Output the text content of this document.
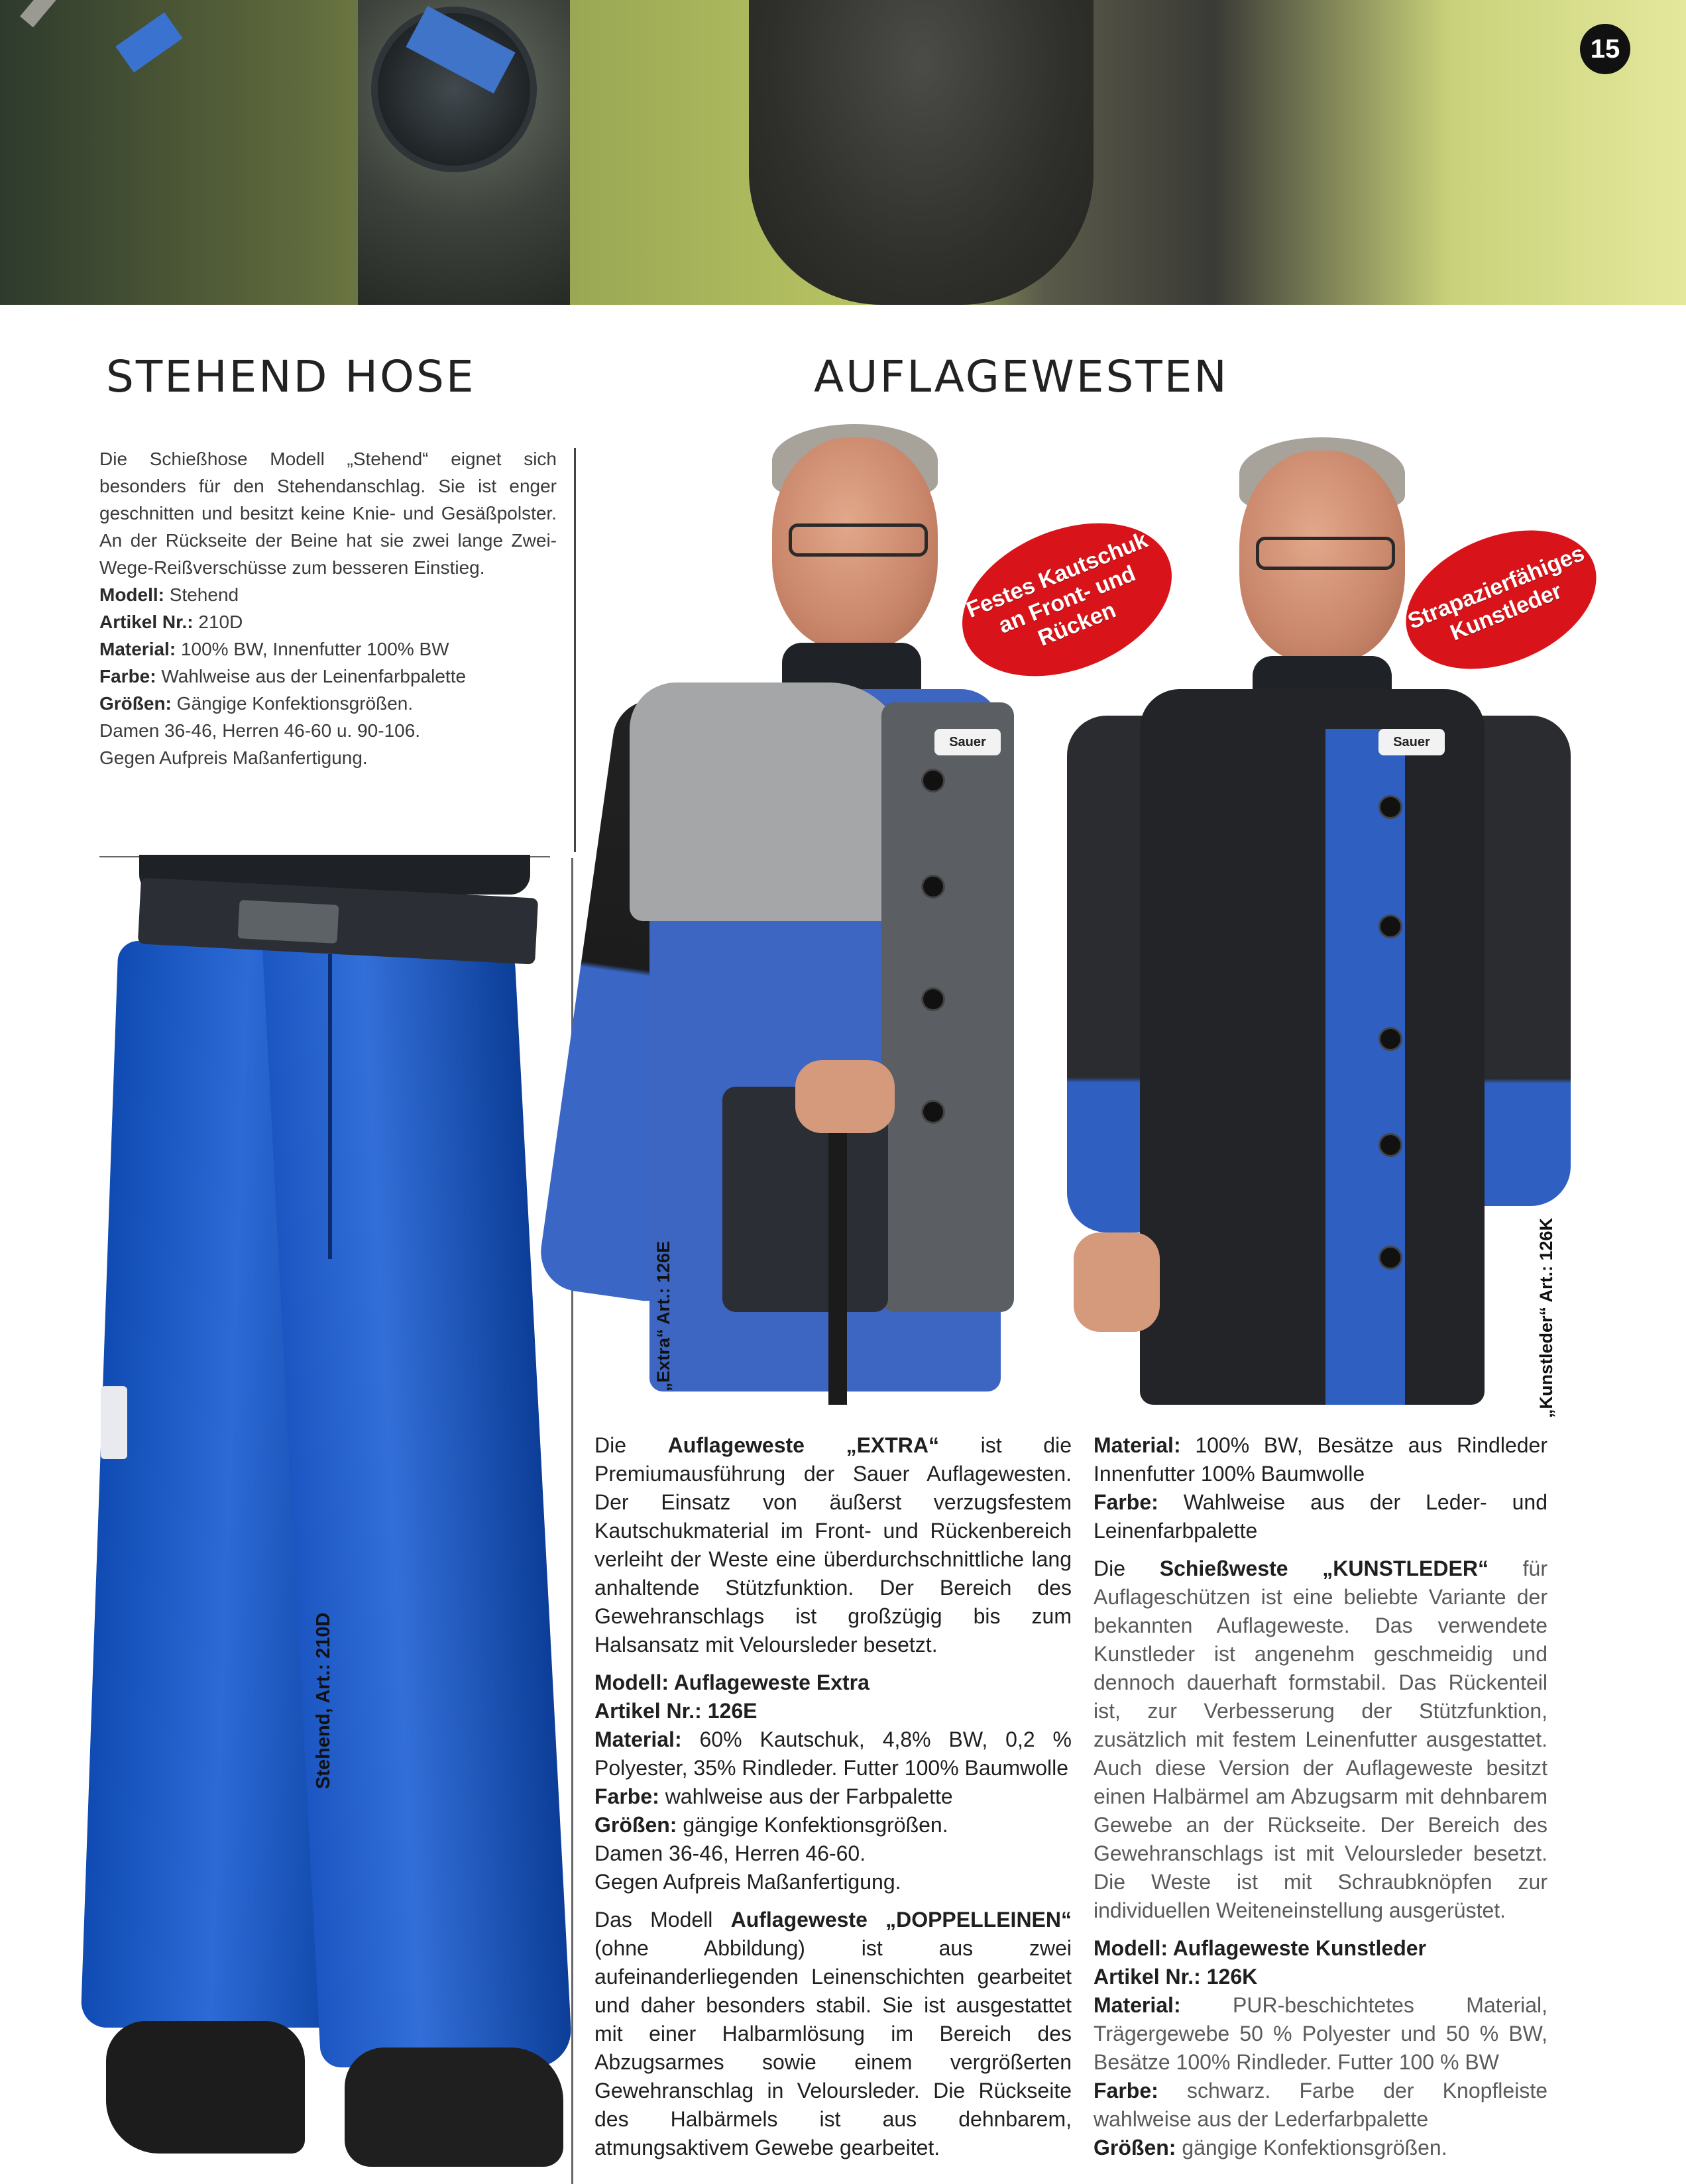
15
STEHEND HOSE	AUFLAGEWESTEN

Die Schießhose Modell „Stehend“ eignet sich besonders für den Stehendanschlag. Sie ist enger geschnitten und besitzt keine Knie- und Gesäßpolster. An der Rückseite der Beine hat sie zwei lange Zwei-Wege-Reißverschüsse zum besseren Einstieg.

Modell: Stehend

Artikel Nr.: 210D

Material: 100% BW, Innenfutter 100% BW

Farbe: Wahlweise aus der Leinenfarbpalette

Größen: Gängige Konfektionsgrößen.

Damen 36-46, Herren 46-60 u. 90-106.

Gegen Aufpreis Maßanfertigung.

Stehend, Art.: 210D
Sauer
Festes Kautschuk an Front- und Rücken
„Extra“ Art.: 126E
Sauer
Strapazierfähiges Kunstleder
„Kunstleder“ Art.: 126K

Die Auflageweste „EXTRA“ ist die Premiumausführung der Sauer Auflagewesten. Der Einsatz von äußerst verzugsfestem Kautschukmaterial im Front- und Rückenbereich verleiht der Weste eine überdurchschnittliche lang anhaltende Stützfunktion. Der Bereich des Gewehranschlags ist großzügig bis zum Halsansatz mit Veloursleder besetzt.

Modell: Auflageweste Extra

Artikel Nr.: 126E

Material: 60% Kautschuk, 4,8% BW, 0,2 % Polyester, 35% Rindleder. Futter 100% Baumwolle

Farbe: wahlweise aus der Farbpalette

Größen: gängige Konfektionsgrößen.

Damen 36-46, Herren 46-60.

Gegen Aufpreis Maßanfertigung.

Das Modell Auflageweste „DOPPELLEINEN“ (ohne Abbildung) ist aus zwei aufeinanderliegenden Leinenschichten gearbeitet und daher besonders stabil. Sie ist ausgestattet mit einer Halbarmlösung im Bereich des Abzugsarmes sowie einem vergrößerten Gewehranschlag in Veloursleder. Die Rückseite des Halbärmels ist aus dehnbarem, atmungsaktivem Gewebe gearbeitet.

Material: 100% BW, Besätze aus Rindleder Innenfutter 100% Baumwolle

Farbe: Wahlweise aus der Leder- und Leinenfarbpalette

Die Schießweste „KUNSTLEDER“ für Auflageschützen ist eine beliebte Variante der bekannten Auflageweste. Das verwendete Kunstleder ist angenehm geschmeidig und dennoch dauerhaft formstabil. Das Rückenteil ist, zur Verbesserung der Stützfunktion, zusätzlich mit festem Leinenfutter ausgestattet. Auch diese Version der Auflageweste besitzt einen Halbärmel am Abzugsarm mit dehnbarem Gewebe an der Rückseite. Der Bereich des Gewehranschlags ist mit Veloursleder besetzt. Die Weste ist mit Schraubknöpfen zur individuellen Weiteneinstellung ausgerüstet.

Modell: Auflageweste Kunstleder

Artikel Nr.: 126K

Material: PUR-beschichtetes Material, Trägergewebe 50 % Polyester und 50 % BW, Besätze 100% Rindleder. Futter 100 % BW

Farbe: schwarz. Farbe der Knopfleiste wahlweise aus der Lederfarbpalette

Größen: gängige Konfektionsgrößen.
